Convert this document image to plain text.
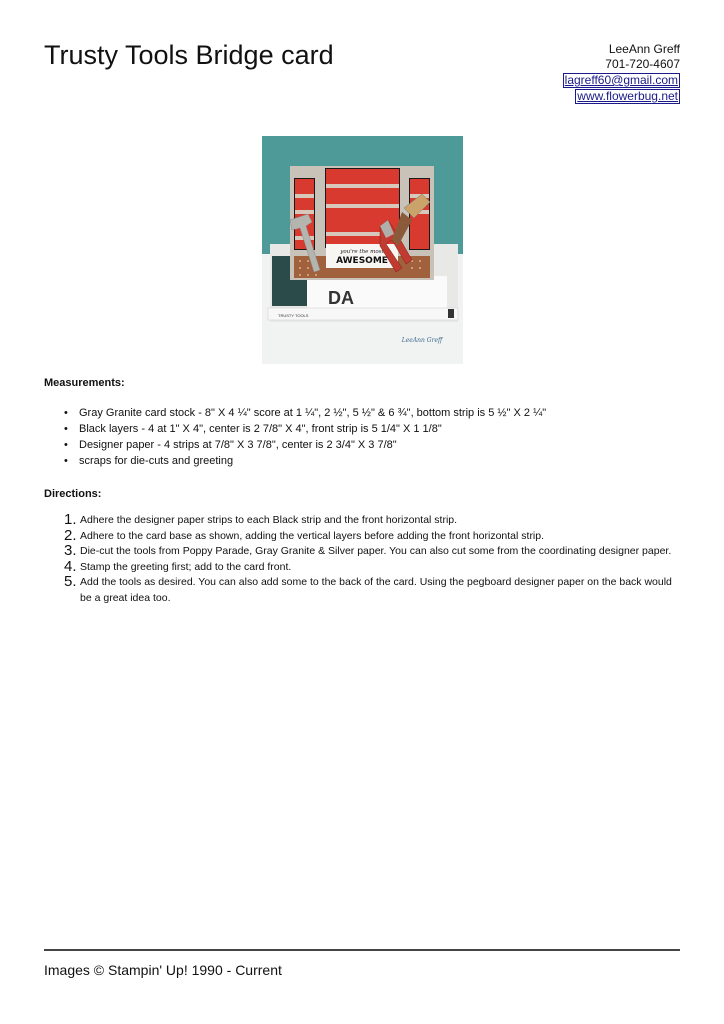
Trusty Tools Bridge card	LeeAnn Greff
701-720-4607
lagreff60@gmail.com
www.flowerbug.net
DA
TRUSTY TOOLS
you're the most
AWESOME
LeeAnn Greff
Measurements:
• Gray Granite card stock - 8" X 4 ¼" score at 1 ¼", 2 ½", 5 ½" & 6 ¾", bottom strip is 5 ½" X 2 ¼"
• Black layers - 4 at 1" X 4", center is 2 7/8" X 4", front strip is 5 1/4" X 1 1/8"
• Designer paper - 4 strips at 7/8" X 3 7/8", center is 2 3/4" X 3 7/8"
• scraps for die-cuts and greeting
Directions:
1. Adhere the designer paper strips to each Black strip and the front horizontal strip.
2. Adhere to the card base as shown, adding the vertical layers before adding the front horizontal strip.
3. Die-cut the tools from Poppy Parade, Gray Granite & Silver paper. You can also cut some from the coordinating designer paper.
4. Stamp the greeting first; add to the card front.
5. Add the tools as desired. You can also add some to the back of the card. Using the pegboard designer paper on the back would be a great idea too.
Images © Stampin' Up! 1990 - Current
